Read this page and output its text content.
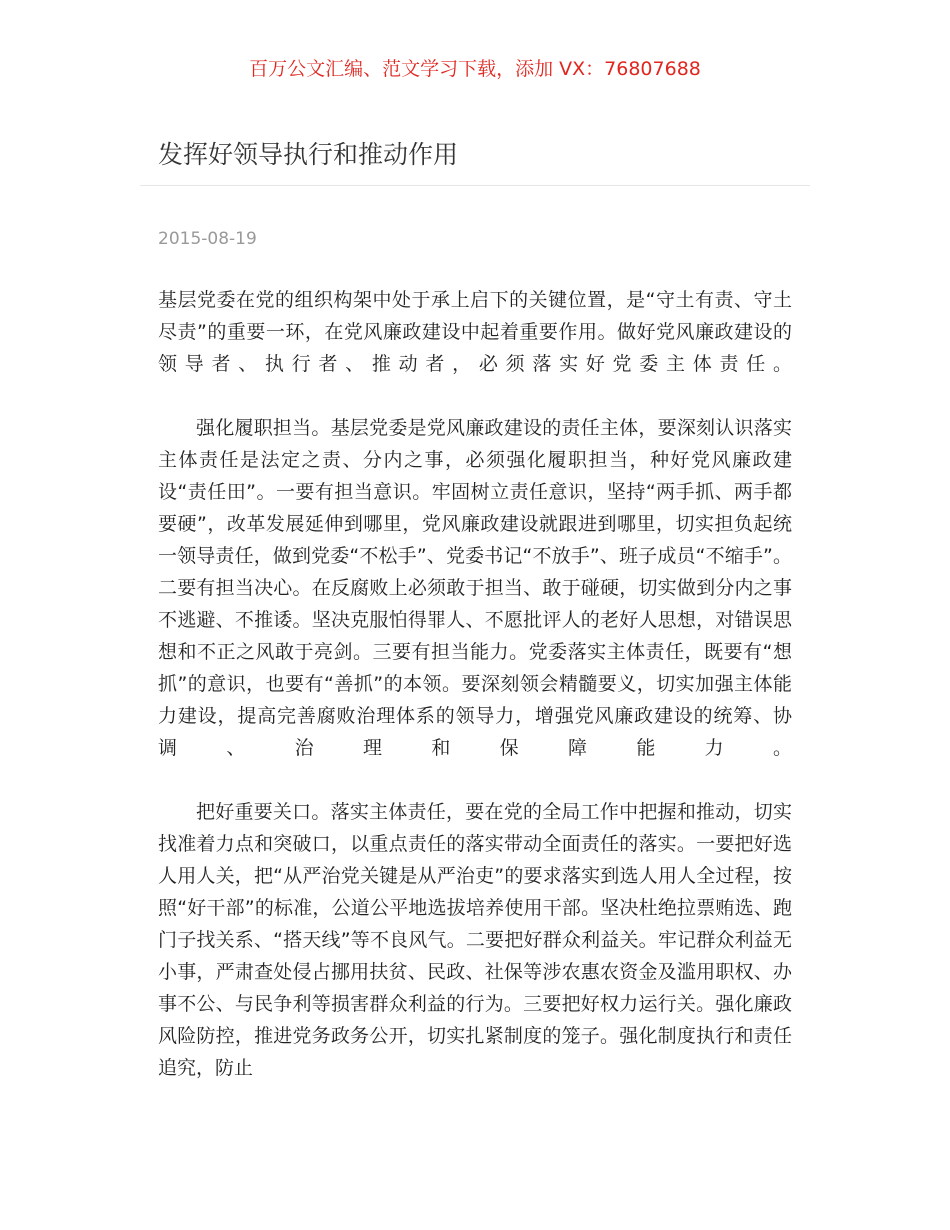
百万公文汇编、范文学习下载，添加 VX：76807688
发挥好领导执行和推动作用
2015-08-19

基层党委在党的组织构架中处于承上启下的关键位置，是“守土有责、守土尽责”的重要一环，在党风廉政建设中起着重要作用。做好党风廉政建设的领导者、执行者、推动者，必须落实好党委主体责任。

强化履职担当。基层党委是党风廉政建设的责任主体，要深刻认识落实主体责任是法定之责、分内之事，必须强化履职担当，种好党风廉政建设“责任田”。一要有担当意识。牢固树立责任意识，坚持“两手抓、两手都要硬”，改革发展延伸到哪里，党风廉政建设就跟进到哪里，切实担负起统一领导责任，做到党委“不松手”、党委书记“不放手”、班子成员“不缩手”。二要有担当决心。在反腐败上必须敢于担当、敢于碰硬，切实做到分内之事不逃避、不推诿。坚决克服怕得罪人、不愿批评人的老好人思想，对错误思想和不正之风敢于亮剑。三要有担当能力。党委落实主体责任，既要有“想抓”的意识，也要有“善抓”的本领。要深刻领会精髓要义，切实加强主体能力建设，提高完善腐败治理体系的领导力，增强党风廉政建设的统筹、协调、治理和保障能力。

把好重要关口。落实主体责任，要在党的全局工作中把握和推动，切实找准着力点和突破口，以重点责任的落实带动全面责任的落实。一要把好选人用人关，把“从严治党关键是从严治吏”的要求落实到选人用人全过程，按照“好干部”的标准，公道公平地选拔培养使用干部。坚决杜绝拉票贿选、跑门子找关系、“搭天线”等不良风气。二要把好群众利益关。牢记群众利益无小事，严肃查处侵占挪用扶贫、民政、社保等涉农惠农资金及滥用职权、办事不公、与民争利等损害群众利益的行为。三要把好权力运行关。强化廉政风险防控，推进党务政务公开，切实扎紧制度的笼子。强化制度执行和责任追究，防止
